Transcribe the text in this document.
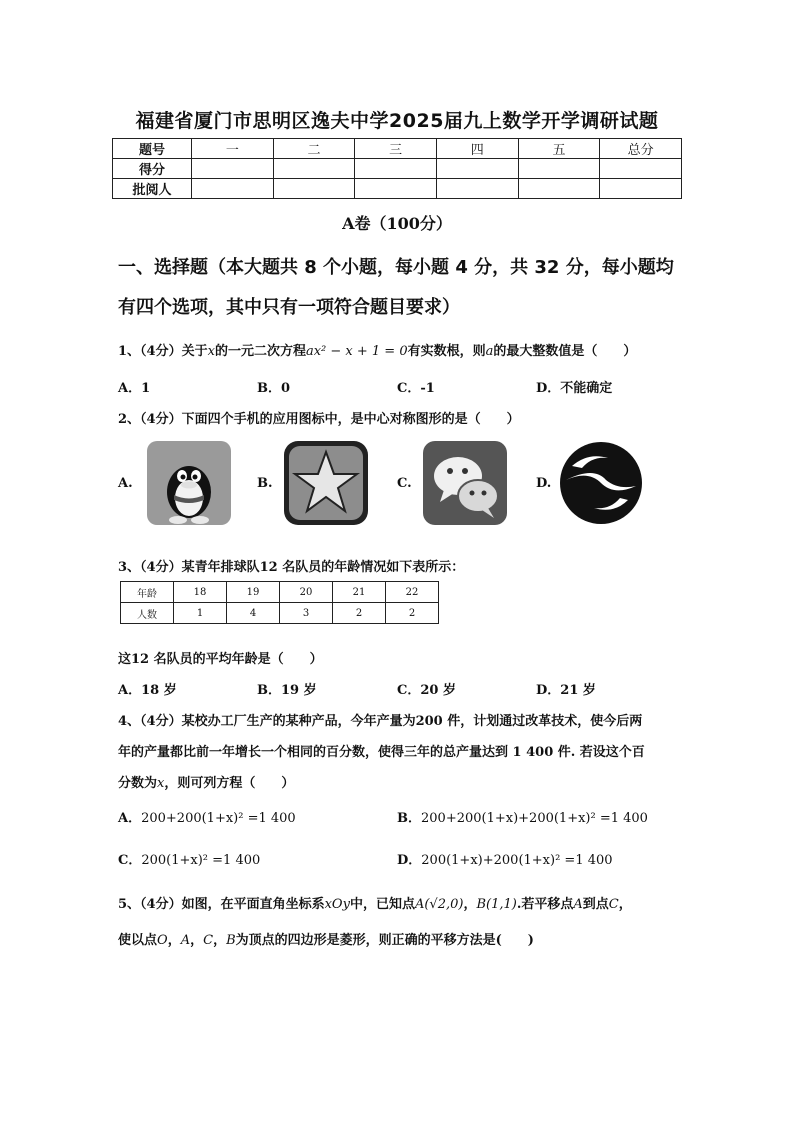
福建省厦门市思明区逸夫中学2025届九上数学开学调研试题
题号	一	二	三	四	五	总分
得分						
批阅人						
A卷（100分）
一、选择题（本大题共 8 个小题，每小题 4 分，共 32 分，每小题均
有四个选项，其中只有一项符合题目要求）
1、（4分）关于x的一元二次方程ax² − x + 1 = 0有实数根，则a的最大整数值是（　　）
A．1	B．0	C．-1	D．不能确定
2、（4分）下面四个手机的应用图标中，是中心对称图形的是（　　）
A.	B.	C.	D.
3、（4分）某青年排球队12 名队员的年龄情况如下表所示：
年龄	18	19	20	21	22
人数	1	4	3	2	2
这12 名队员的平均年龄是（　　）
A．18 岁	B．19 岁	C．20 岁	D．21 岁
4、（4分）某校办工厂生产的某种产品，今年产量为200 件，计划通过改革技术，使今后两
年的产量都比前一年增长一个相同的百分数，使得三年的总产量达到 1 400 件. 若设这个百
分数为x，则可列方程（　　）
A．200+200(1+x)² =1 400	B．200+200(1+x)+200(1+x)² =1 400
C．200(1+x)² =1 400	D．200(1+x)+200(1+x)² =1 400
5、（4分）如图，在平面直角坐标系xOy中，已知点A(√2,0)，B(1,1).若平移点A到点C，
使以点O，A，C，B为顶点的四边形是菱形，则正确的平移方法是(　　)
